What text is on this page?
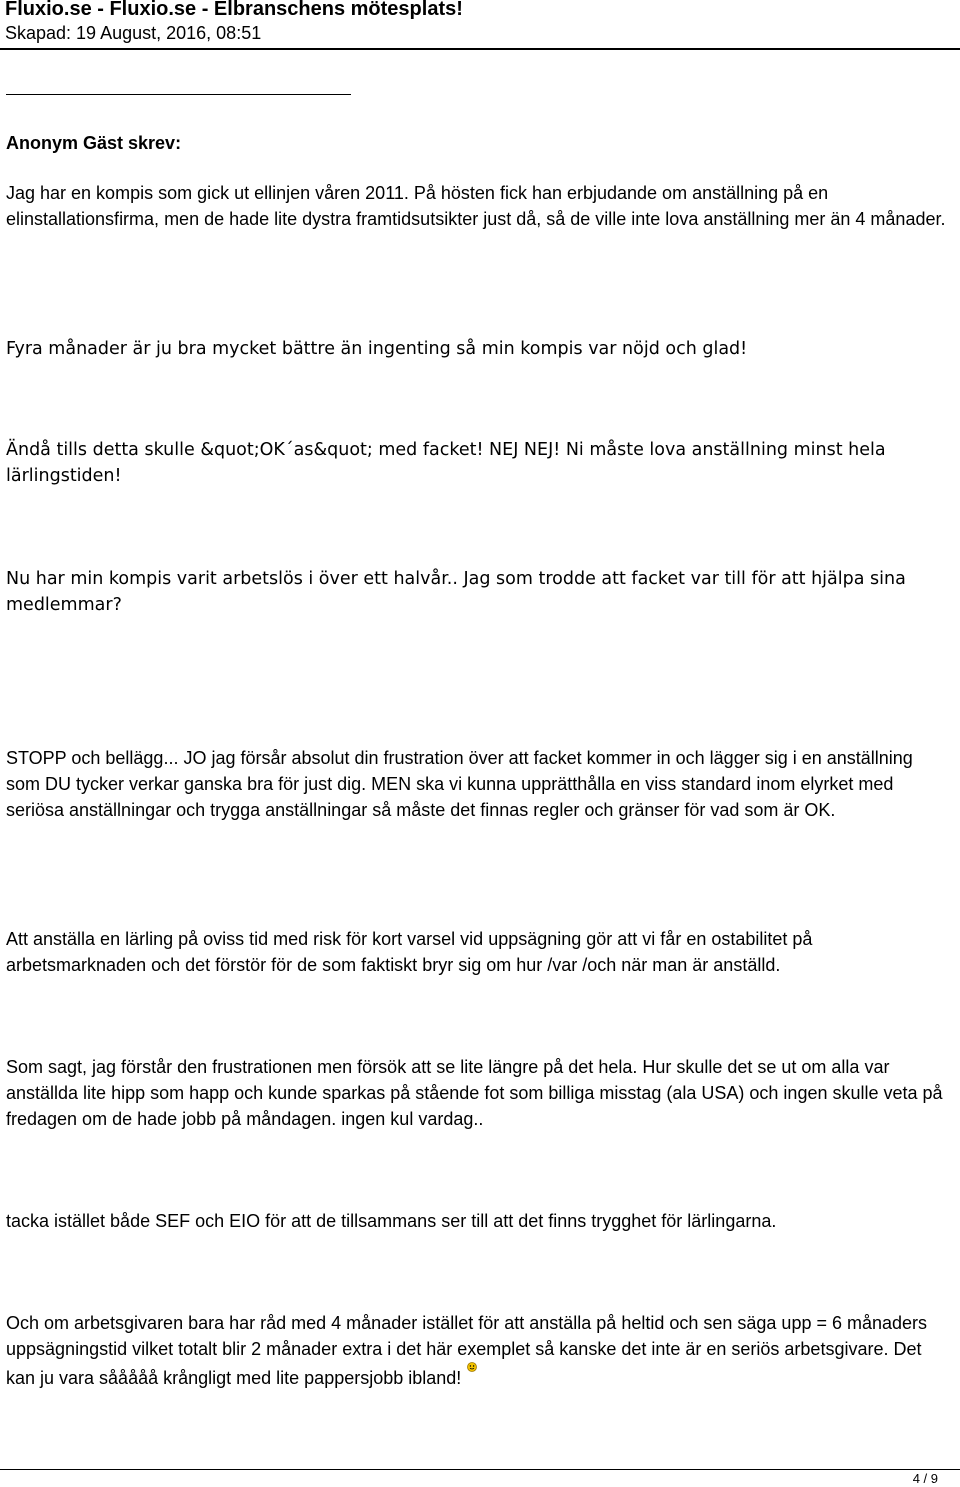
Fluxio.se - Fluxio.se - Elbranschens mötesplats!
Skapad: 19 August, 2016, 08:51

Anonym Gäst skrev:

Jag har en kompis som gick ut ellinjen våren 2011. På hösten fick han erbjudande om anställning på en elinstallationsfirma, men de hade lite dystra framtidsutsikter just då, så de ville inte lova anställning mer än 4 månader.

Fyra månader är ju bra mycket bättre än ingenting så min kompis var nöjd och glad!

Ändå tills detta skulle &quot;OK´as&quot; med facket! NEJ NEJ! Ni måste lova anställning minst hela lärlingstiden!

Nu har min kompis varit arbetslös i över ett halvår.. Jag som trodde att facket var till för att hjälpa sina medlemmar?

STOPP och bellägg... JO jag försår absolut din frustration över att facket kommer in och lägger sig i en anställning som DU tycker verkar ganska bra för just dig. MEN ska vi kunna upprätthålla en viss standard inom elyrket med seriösa anställningar och trygga anställningar så måste det finnas regler och gränser för vad som är OK.

Att anställa en lärling på oviss tid med risk för kort varsel vid uppsägning gör att vi får en ostabilitet på arbetsmarknaden och det förstör för de som faktiskt bryr sig om hur /var /och när man är anställd.

Som sagt, jag förstår den frustrationen men försök att se lite längre på det hela. Hur skulle det se ut om alla var anställda lite hipp som happ och kunde sparkas på stående fot som billiga misstag (ala USA) och ingen skulle veta på fredagen om de hade jobb på måndagen. ingen kul vardag..

tacka istället både SEF och EIO för att de tillsammans ser till att det finns trygghet för lärlingarna.

Och om arbetsgivaren bara har råd med 4 månader istället för att anställa på heltid och sen säga upp = 6 månaders uppsägningstid vilket totalt blir 2 månader extra i det här exemplet så kanske det inte är en seriös arbetsgivare. Det kan ju vara sååååå krångligt med lite pappersjobb ibland!

4 / 9
